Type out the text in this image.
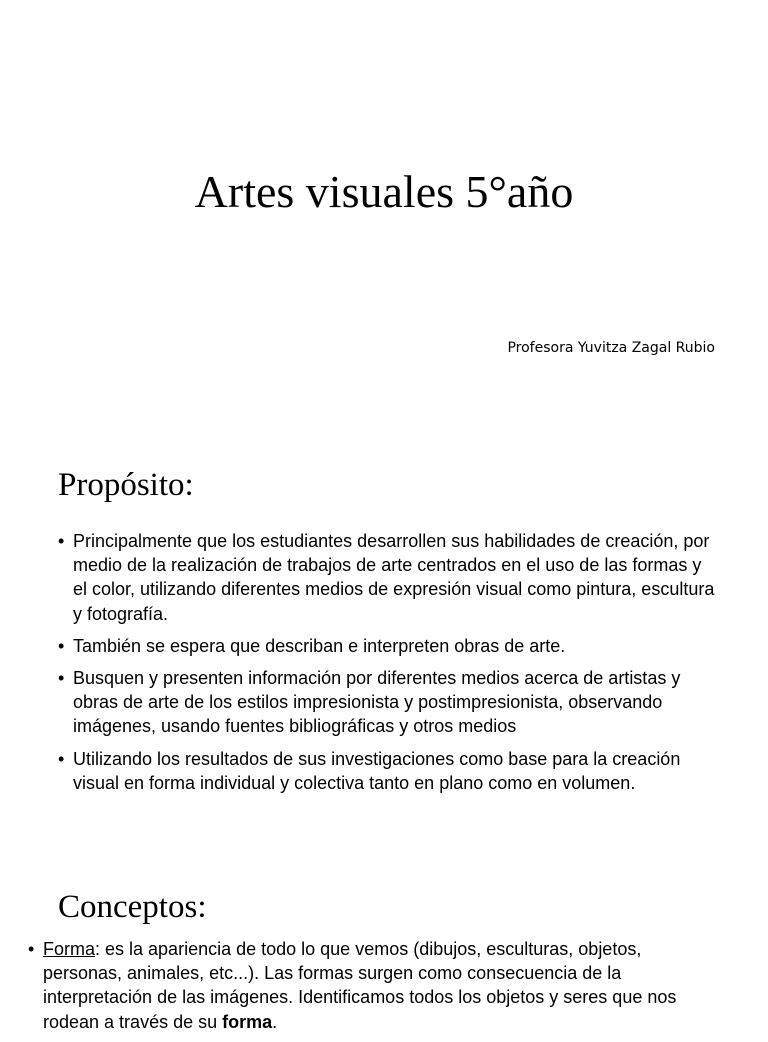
Artes visuales 5°año

Profesora Yuvitza Zagal Rubio

Propósito:
• Principalmente que los estudiantes desarrollen sus habilidades de creación, por medio de la realización de trabajos de arte centrados en el uso de las formas y el color, utilizando diferentes medios de expresión visual como pintura, escultura y fotografía.
• También se espera que describan e interpreten obras de arte.
• Busquen y presenten información por diferentes medios acerca de artistas y obras de arte de los estilos impresionista y postimpresionista, observando imágenes, usando fuentes bibliográficas y otros medios
• Utilizando los resultados de sus investigaciones como base para la creación visual en forma individual y colectiva tanto en plano como en volumen.
Conceptos:
• Forma: es la apariencia de todo lo que vemos (dibujos, esculturas, objetos, personas, animales, etc...). Las formas surgen como consecuencia de la interpretación de las imágenes. Identificamos todos los objetos y seres que nos rodean a través de su forma.
